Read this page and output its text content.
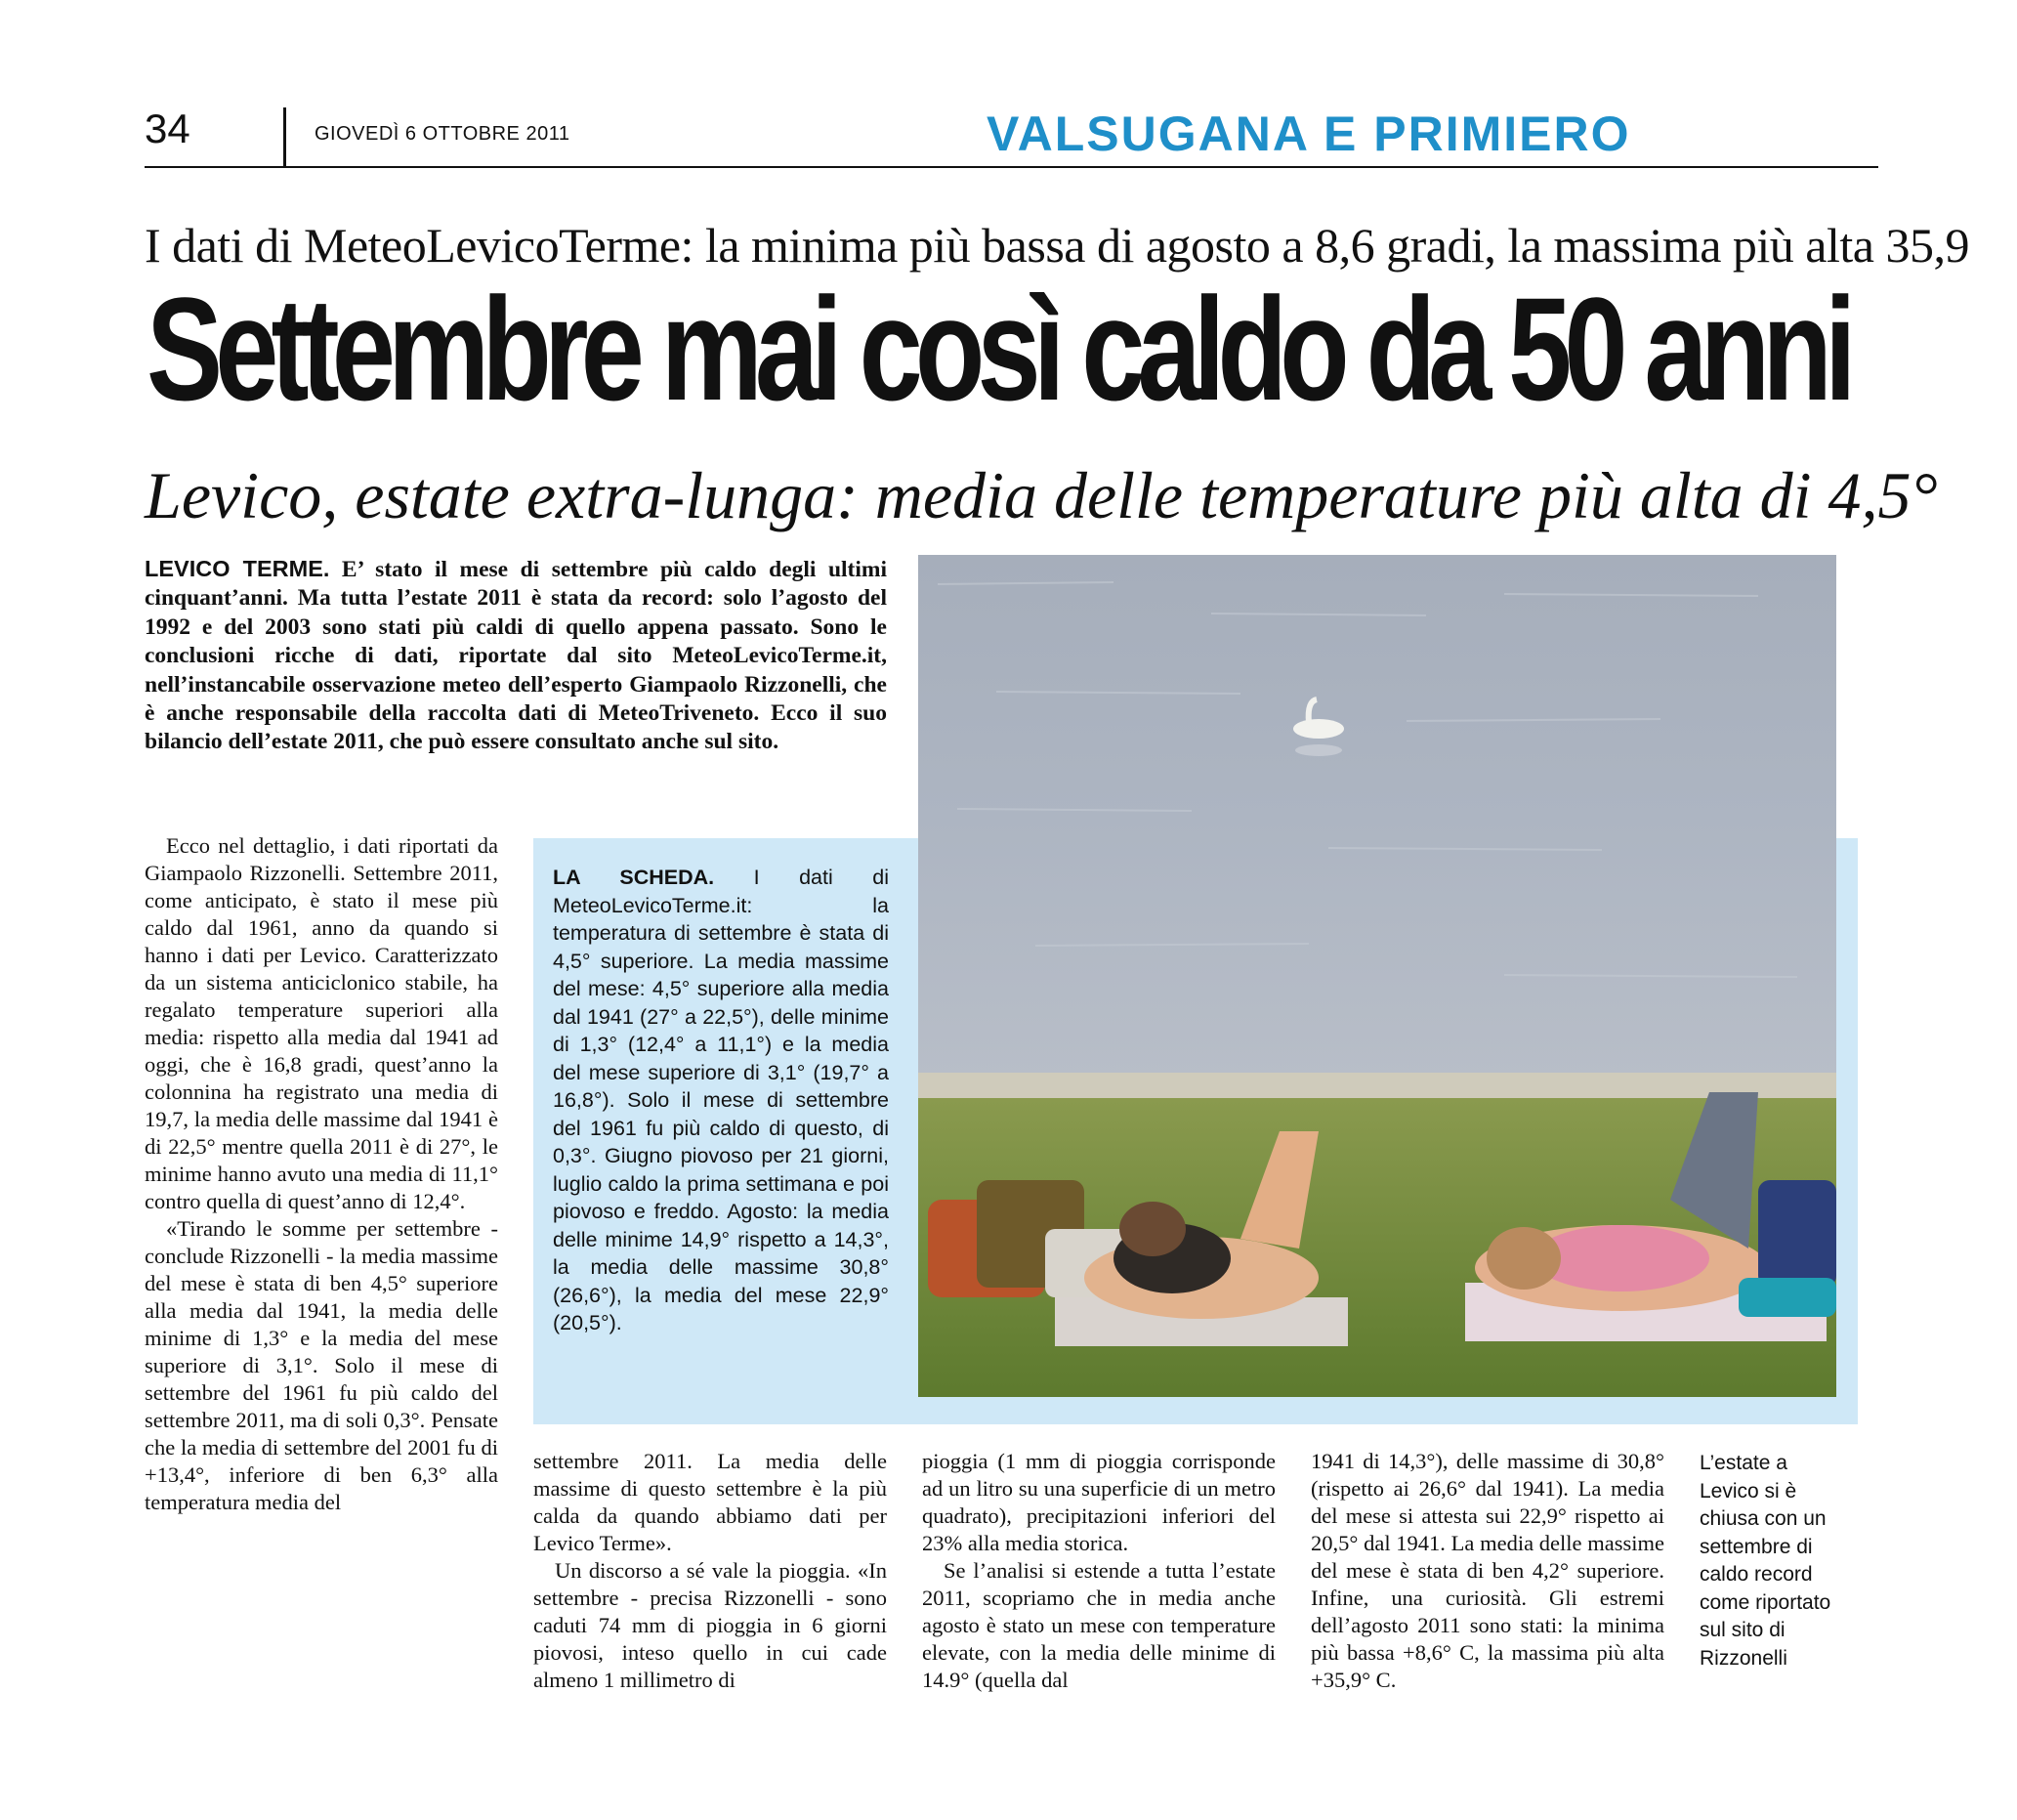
34	GIOVEDÌ 6 OTTOBRE 2011	VALSUGANA E PRIMIERO
I dati di MeteoLevicoTerme: la minima più bassa di agosto a 8,6 gradi, la massima più alta 35,9
Settembre mai così caldo da 50 anni
Levico, estate extra-lunga: media delle temperature più alta di 4,5°
LEVICO TERME. E’ stato il mese di settembre più caldo degli ultimi cinquant’anni. Ma tutta l’estate 2011 è stata da record: solo l’agosto del 1992 e del 2003 sono stati più caldi di quello appena passato. Sono le conclusioni ricche di dati, riportate dal sito MeteoLevicoTerme.it, nell’instancabile osservazione meteo dell’esperto Giampaolo Rizzonelli, che è anche responsabile della raccolta dati di MeteoTriveneto. Ecco il suo bilancio dell’estate 2011, che può essere consultato anche sul sito.

Ecco nel dettaglio, i dati riportati da Giampaolo Rizzonelli. Settembre 2011, come anticipato, è stato il mese più caldo dal 1961, anno da quando si hanno i dati per Levico. Caratterizzato da un sistema anticiclonico stabile, ha regalato temperature superiori alla media: rispetto alla media dal 1941 ad oggi, che è 16,8 gradi, quest’anno la colonnina ha registrato una media di 19,7, la media delle massime dal 1941 è di 22,5° mentre quella 2011 è di 27°, le minime hanno avuto una media di 11,1° contro quella di quest’anno di 12,4°.

«Tirando le somme per settembre - conclude Rizzonelli - la media massime del mese è stata di ben 4,5° superiore alla media dal 1941, la media delle minime di 1,3° e la media del mese superiore di 3,1°. Solo il mese di settembre del 1961 fu più caldo del settembre 2011, ma di soli 0,3°. Pensate che la media di settembre del 2001 fu di +13,4°, inferiore di ben 6,3° alla temperatura media del

LA SCHEDA. I dati di MeteoLevicoTerme.it: la temperatura di settembre è stata di 4,5° superiore. La media massime del mese: 4,5° superiore alla media dal 1941 (27° a 22,5°), delle minime di 1,3° (12,4° a 11,1°) e la media del mese superiore di 3,1° (19,7° a 16,8°). Solo il mese di settembre del 1961 fu più caldo di questo, di 0,3°. Giugno piovoso per 21 giorni, luglio caldo la prima settimana e poi piovoso e freddo. Agosto: la media delle minime 14,9° rispetto a 14,3°, la media delle massime 30,8° (26,6°), la media del mese 22,9° (20,5°).

settembre 2011. La media delle massime di questo settembre è la più calda da quando abbiamo dati per Levico Terme».

Un discorso a sé vale la pioggia. «In settembre - precisa Rizzonelli - sono caduti 74 mm di pioggia in 6 giorni piovosi, inteso quello in cui cade almeno 1 millimetro di

pioggia (1 mm di pioggia corrisponde ad un litro su una superficie di un metro quadrato), precipitazioni inferiori del 23% alla media storica.

Se l’analisi si estende a tutta l’estate 2011, scopriamo che in media anche agosto è stato un mese con temperature elevate, con la media delle minime di 14.9° (quella dal

1941 di 14,3°), delle massime di 30,8° (rispetto ai 26,6° dal 1941). La media del mese si attesta sui 22,9° rispetto ai 20,5° dal 1941. La media delle massime del mese è stata di ben 4,2° superiore. Infine, una curiosità. Gli estremi dell’agosto 2011 sono stati: la minima più bassa +8,6° C, la massima più alta +35,9° C.

L’estate a Levico si è chiusa con un settembre di caldo record come riportato sul sito di Rizzonelli
